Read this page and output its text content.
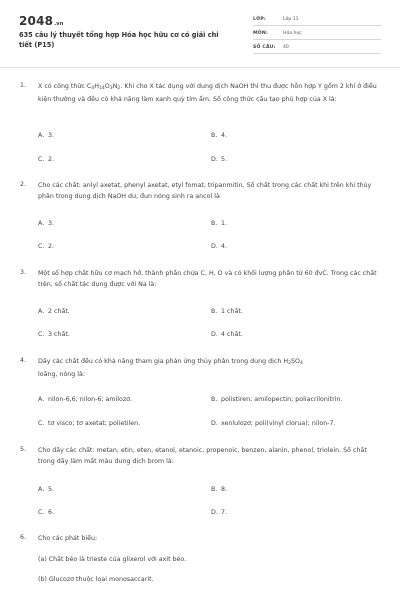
2048.vn
635 câu lý thuyết tổng hợp Hóa học hữu cơ có giải chi tiết (P15)
LỚP:	Lớp 11
MÔN:	Hóa học
SỐ CÂU: 40
1. X có công thức $C_4H_{14}O_3N_2$. Khi cho X tác dụng với dung dịch NaOH thì thu được hỗn hợp Y gồm 2 khí ở điều kiện thường và đều có khả năng làm xanh quỳ tím ẩm. Số công thức cấu tạo phù hợp của X là:
A. 3.	B. 4.
C. 2.	D. 5.
2. Cho các chất: anlyl axetat, phenyl axetat, etyl fomat, tripanmitin. Số chất trong các chất khi trên khi thủy phân trong dung dịch NaOH dư, đun nóng sinh ra ancol là
A. 3.	B. 1.
C. 2.	D. 4.
3. Một số hợp chất hữu cơ mạch hở, thành phần chứa C, H, O và có khối lượng phân tử 60 đvC. Trong các chất trên, số chất tác dụng được với Na là:
A. 2 chất.	B. 1 chất.
C. 3 chất.	D. 4 chất.
4. Dãy các chất đều có khả năng tham gia phản ứng thủy phân trong dung dịch $H_2SO_4$
loãng, nóng là:
A. nilon-6,6; nilon-6; amilozơ.	B. polistiren; amilopectin; poliacrilonitrin.
C. tơ visco; tơ axetat; polietilen.	D. xenlulozơ; poli(vinyl clorua); nilon-7.
5. Cho dãy các chất: metan, etin, eten, etanol, etanoic, propenoic, benzen, alanin, phenol, triolein. Số chất trong dãy làm mất màu dung dịch brom là:
A. 5.	B. 8.
C. 6.	D. 7.
6. Cho các phát biểu:
(a) Chất béo là trieste của glixerol với axit béo.
(b) Glucozơ thuộc loại monosaccarit.
